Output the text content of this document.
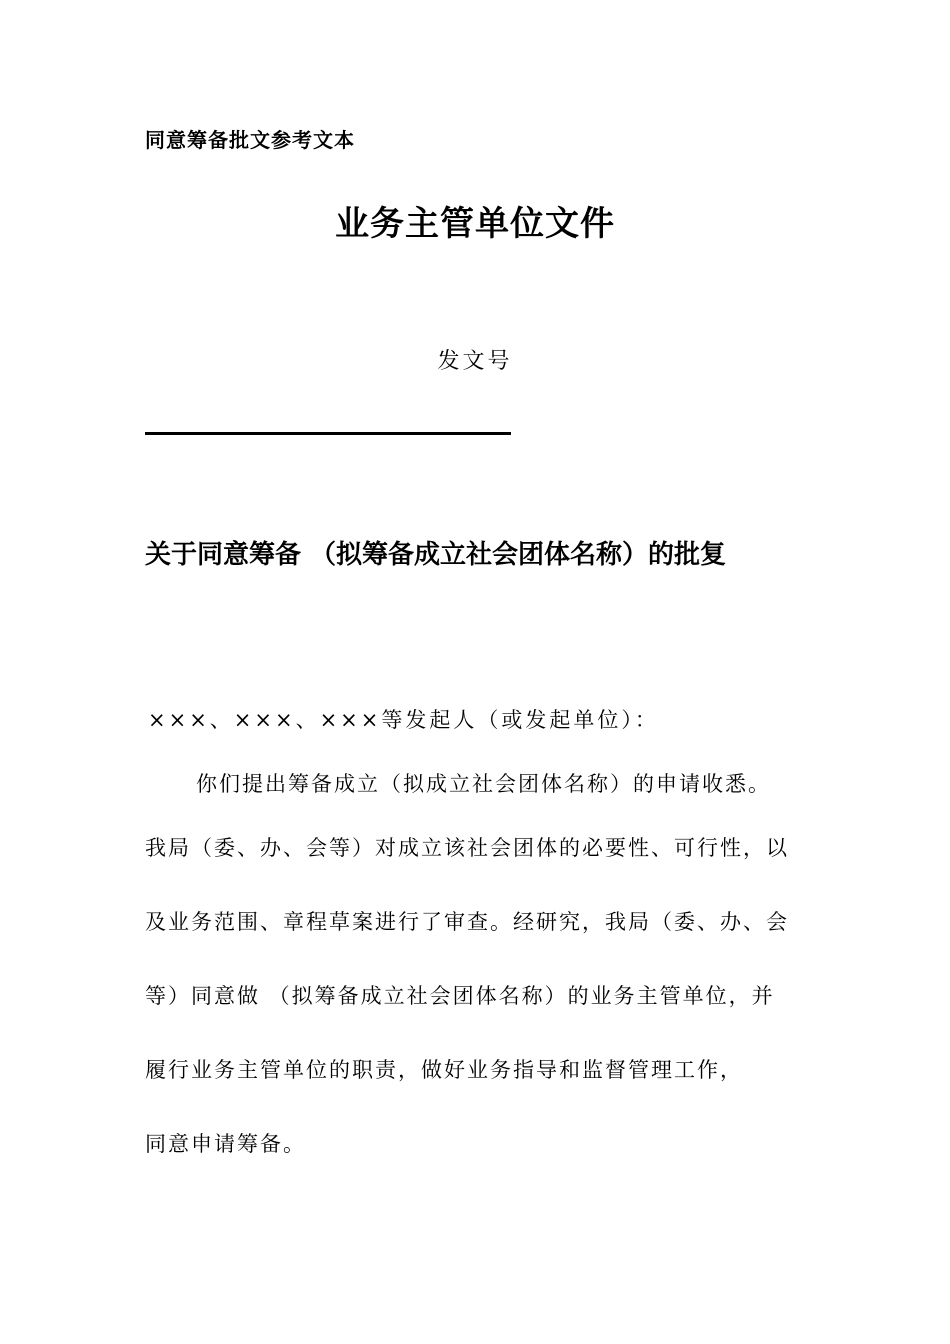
同意筹备批文参考文本
业务主管单位文件
发文号
关于同意筹备 （拟筹备成立社会团体名称）的批复
×××、×××、×××等发起人（或发起单位）：
你们提出筹备成立（拟成立社会团体名称）的申请收悉。
我局（委、办、会等）对成立该社会团体的必要性、可行性，以
及业务范围、章程草案进行了审查。经研究，我局（委、办、会
等）同意做 （拟筹备成立社会团体名称）的业务主管单位，并
履行业务主管单位的职责，做好业务指导和监督管理工作，
同意申请筹备。
